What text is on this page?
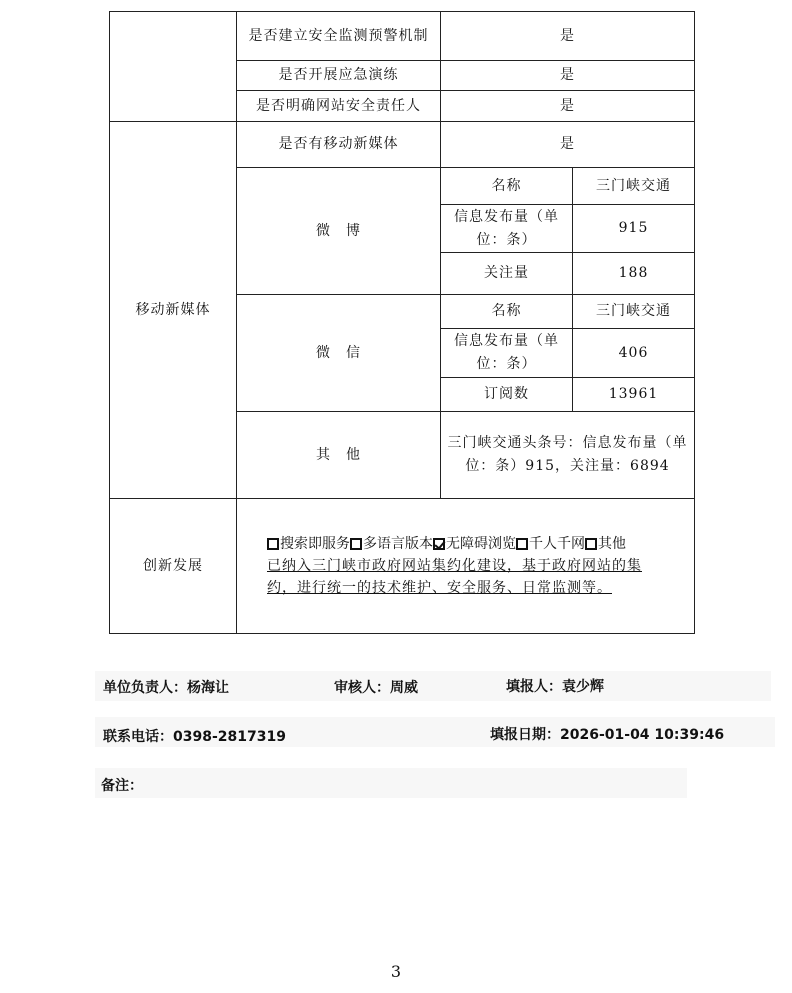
	是否建立安全监测预警机制	是	
	是否开展应急演练	是	
	是否明确网站安全责任人	是	
移动新媒体	是否有移动新媒体	是	
	微　博	名称	三门峡交通
		信息发布量（单位：条）	915
		关注量	188
	微　信	名称	三门峡交通
		信息发布量（单位：条）	406
		订阅数	13961
	其　他	三门峡交通头条号：信息发布量（单位：条）915，关注量：6894	
创新发展	搜索即服务 多语言版本 无障碍浏览 千人千网 其他
已纳入三门峡市政府网站集约化建设，基于政府网站的集约，进行统一的技术维护、安全服务、日常监测等。		
单位负责人：杨海让	审核人：周威	填报人：袁少辉
联系电话：0398-2817319	填报日期：2026-01-04 10:39:46
备注：
3
